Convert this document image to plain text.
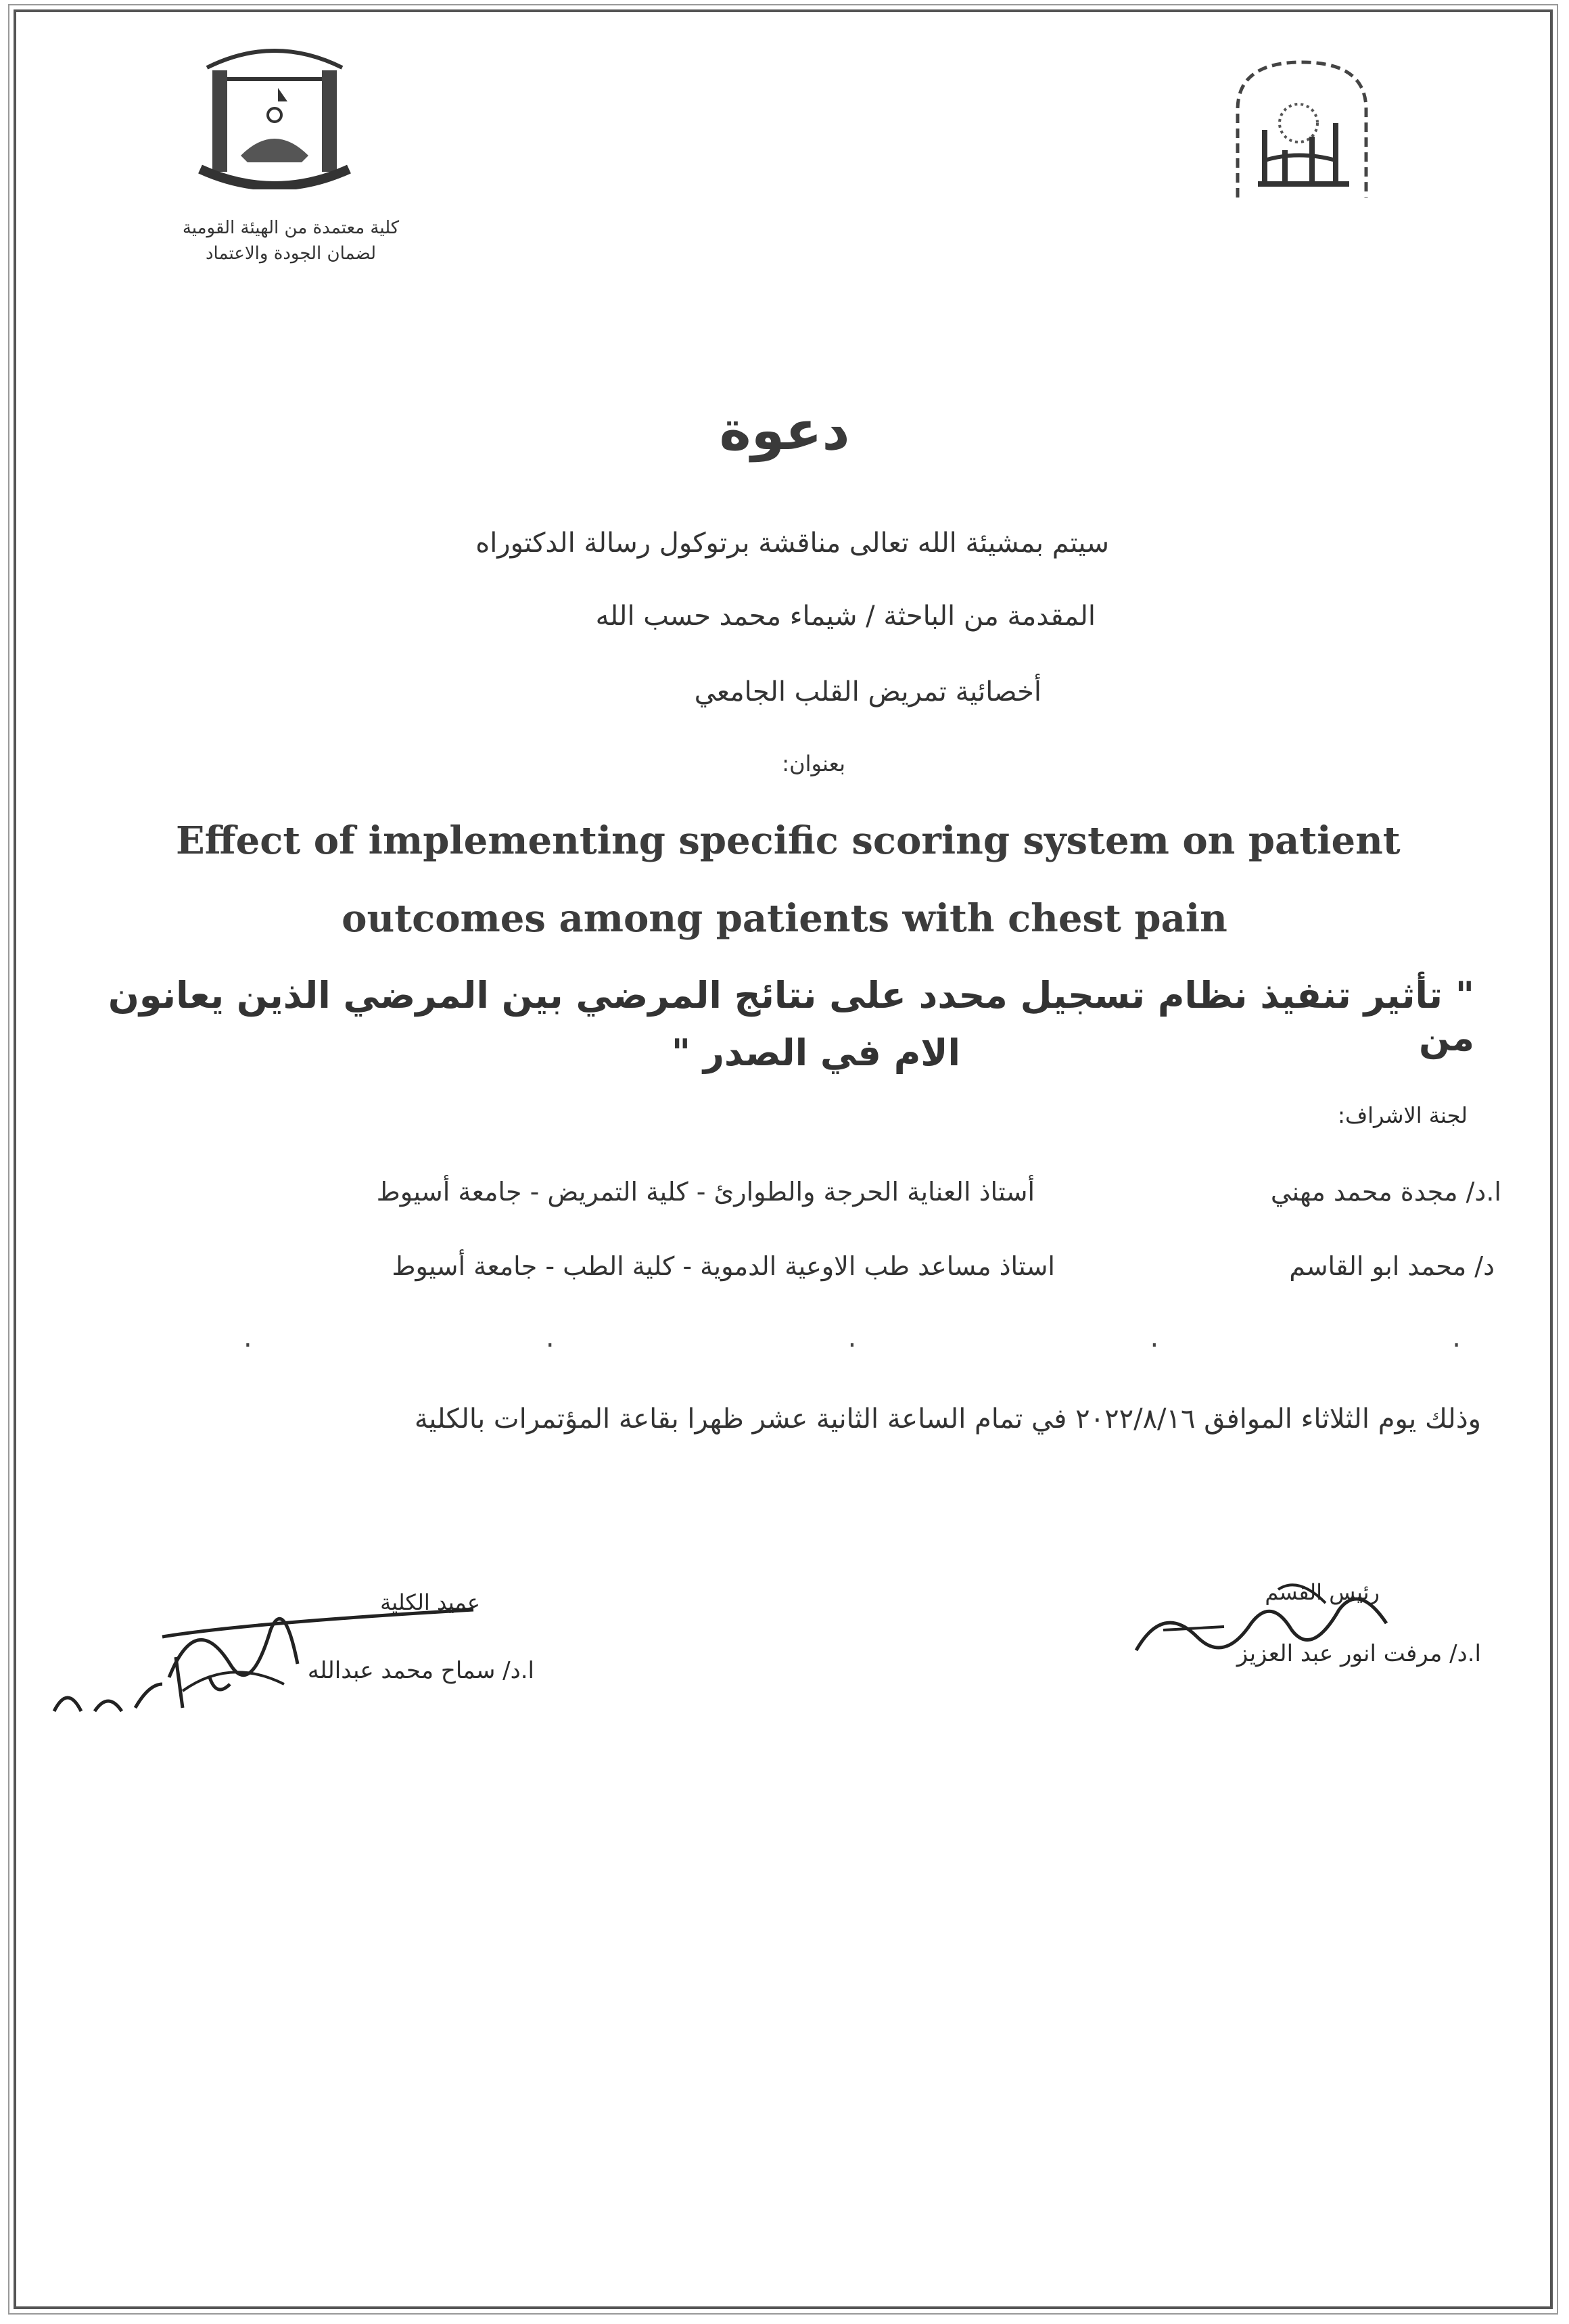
كلية معتمدة من الهيئة القومية
لضمان الجودة والاعتماد
دعوة
سيتم بمشيئة الله تعالى مناقشة برتوكول رسالة الدكتوراه
المقدمة من الباحثة / شيماء محمد حسب الله
أخصائية تمريض القلب الجامعي
بعنوان:
Effect of implementing specific scoring system on patient
outcomes among patients with chest pain
" تأثير تنفيذ نظام تسجيل محدد على نتائج المرضي بين المرضي الذين يعانون من
الام في الصدر "
لجنة الاشراف:
ا.د/ مجدة محمد مهني
أستاذ العناية الحرجة والطوارئ - كلية التمريض - جامعة أسيوط
د/ محمد ابو القاسم
استاذ مساعد طب الاوعية الدموية - كلية الطب - جامعة أسيوط
.	.	.	.	.
وذلك يوم الثلاثاء الموافق ٢٠٢٢/٨/١٦ في تمام الساعة الثانية عشر ظهرا بقاعة المؤتمرات بالكلية
رئيس القسم
ا.د/ مرفت انور عبد العزيز
عميد الكلية
ا.د/ سماح محمد عبدالله
